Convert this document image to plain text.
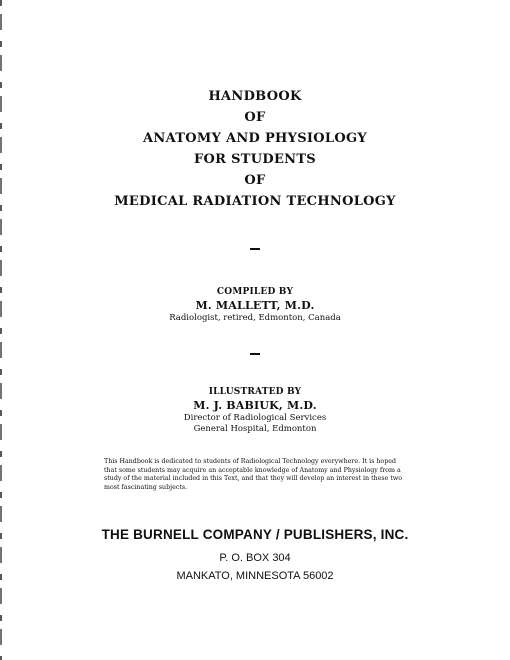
HANDBOOK
OF
ANATOMY AND PHYSIOLOGY
FOR STUDENTS
OF
MEDICAL RADIATION TECHNOLOGY
COMPILED BY
M. MALLETT, M.D.
Radiologist, retired, Edmonton, Canada
ILLUSTRATED BY
M. J. BABIUK, M.D.
Director of Radiological Services
General Hospital, Edmonton
This Handbook is dedicated to students of Radiological Technology everywhere. It is hoped that some students may acquire an acceptable knowledge of Anatomy and Physiology from a study of the material included in this Text, and that they will develop an interest in these two most fascinating subjects.
THE BURNELL COMPANY / PUBLISHERS, INC.
P. O. BOX 304
MANKATO, MINNESOTA 56002
